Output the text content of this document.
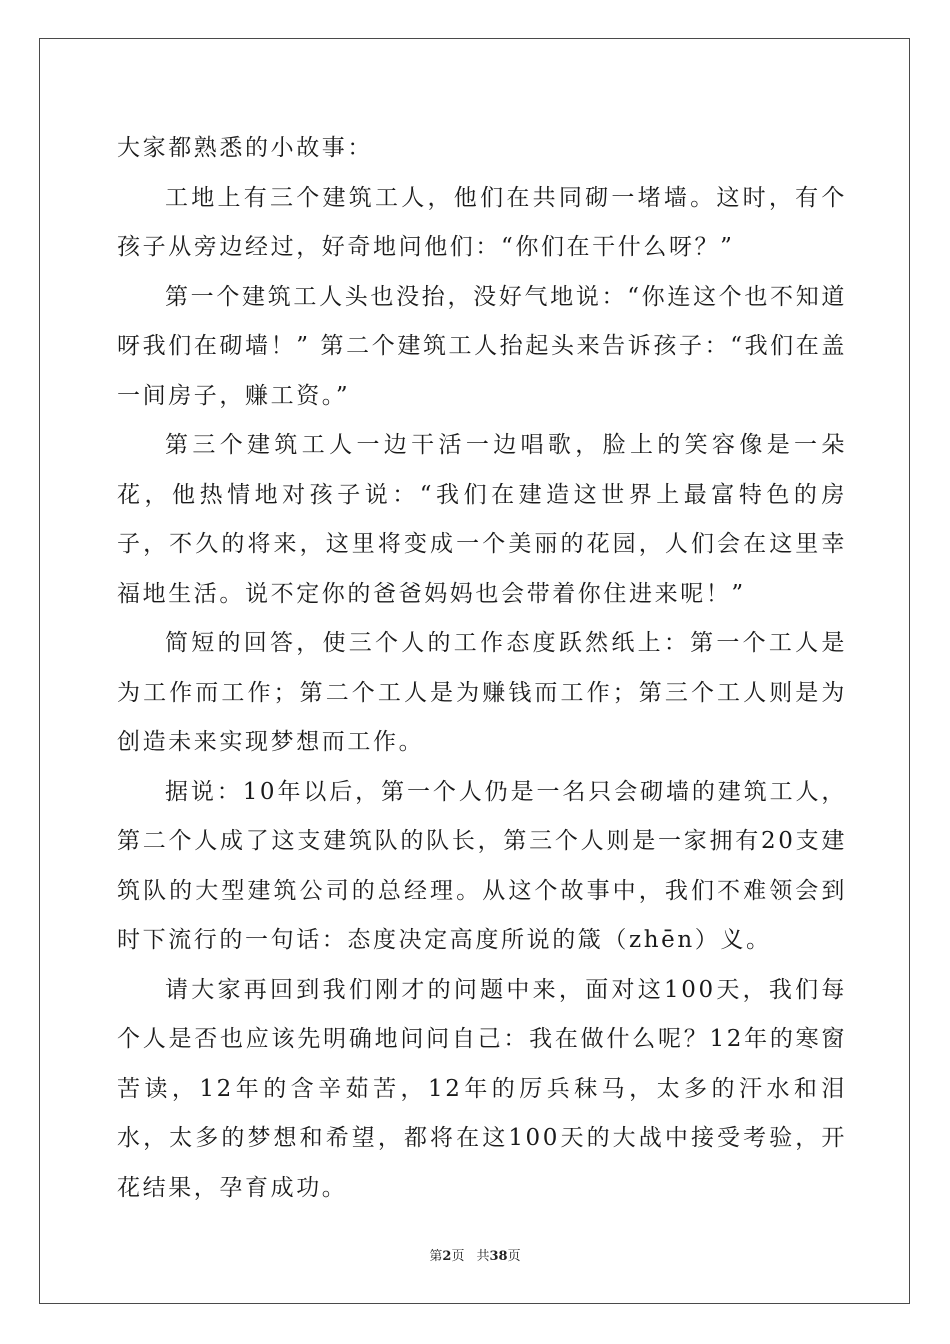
大家都熟悉的小故事：

工地上有三个建筑工人，他们在共同砌一堵墙。这时，有个孩子从旁边经过，好奇地问他们：“你们在干什么呀？”

第一个建筑工人头也没抬，没好气地说：“你连这个也不知道呀我们在砌墙！” 第二个建筑工人抬起头来告诉孩子：“我们在盖一间房子，赚工资。”

第三个建筑工人一边干活一边唱歌，脸上的笑容像是一朵花，他热情地对孩子说：“我们在建造这世界上最富特色的房子，不久的将来，这里将变成一个美丽的花园，人们会在这里幸福地生活。说不定你的爸爸妈妈也会带着你住进来呢！”

简短的回答，使三个人的工作态度跃然纸上：第一个工人是为工作而工作；第二个工人是为赚钱而工作；第三个工人则是为创造未来实现梦想而工作。

据说：10年以后，第一个人仍是一名只会砌墙的建筑工人，第二个人成了这支建筑队的队长，第三个人则是一家拥有20支建筑队的大型建筑公司的总经理。从这个故事中，我们不难领会到时下流行的一句话：态度决定高度所说的箴（zhēn）义。

请大家再回到我们刚才的问题中来，面对这100天，我们每个人是否也应该先明确地问问自己：我在做什么呢？12年的寒窗苦读，12年的含辛茹苦，12年的厉兵秣马，太多的汗水和泪水，太多的梦想和希望，都将在这100天的大战中接受考验，开花结果，孕育成功。

第2页 共38页
